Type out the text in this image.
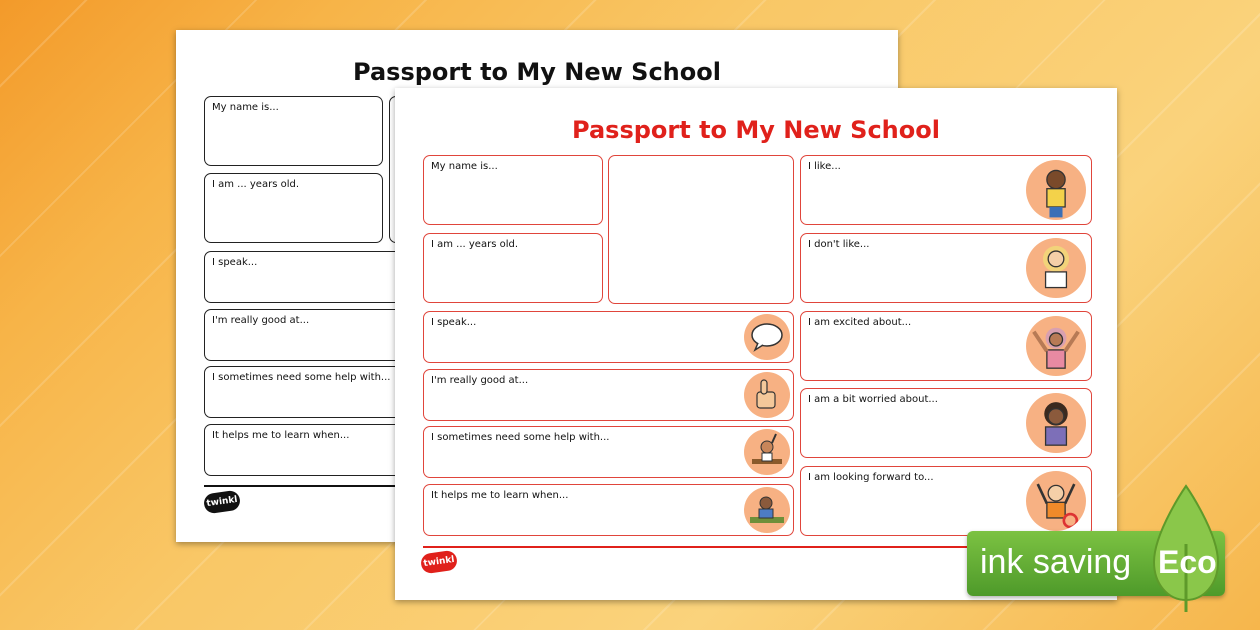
Passport to My New School
My name is...
I am ... years old.
I speak...
I'm really good at...
I sometimes need some help with...
It helps me to learn when...
twinkl
Passport to My New School
My name is...
I am ... years old.
I speak...
I'm really good at...
I sometimes need some help with...
It helps me to learn when...
I like...
I don't like...
I am excited about...
I am a bit worried about...
I am looking forward to...
twinkl	ink saving Eco
